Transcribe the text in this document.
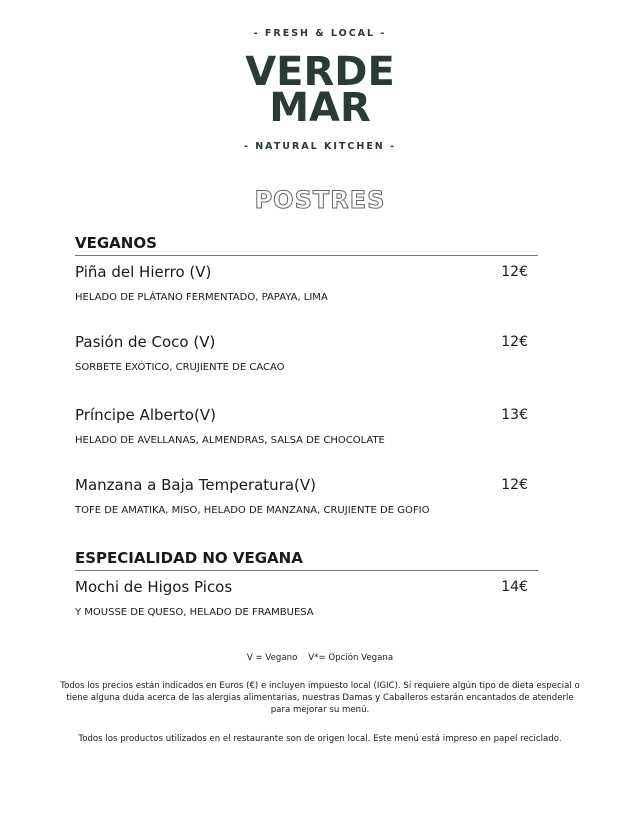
- FRESH & LOCAL -
VERDE
MAR
- NATURAL KITCHEN -
POSTRES
VEGANOS
Piña del Hierro (V)	12€
HELADO DE PLÁTANO FERMENTADO, PAPAYA, LIMA
Pasión de Coco (V)	12€
SORBETE EXÓTICO, CRUJIENTE DE CACAO
Príncipe Alberto(V)	13€
HELADO DE AVELLANAS, ALMENDRAS, SALSA DE CHOCOLATE
Manzana a Baja Temperatura(V)	12€
TOFE DE AMATIKA, MISO, HELADO DE MANZANA, CRUJIENTE DE GOFIO
ESPECIALIDAD NO VEGANA
Mochi de Higos Picos	14€
Y MOUSSE DE QUESO, HELADO DE FRAMBUESA
V = Vegano    V*= Opción Vegana
Todos los precios están indicados en Euros (€) e incluyen impuesto local (IGIC). Si requiere algún tipo de dieta especial o tiene alguna duda acerca de las alergias alimentarias, nuestras Damas y Caballeros estarán encantados de atenderle para mejorar su menú.
Todos los productos utilizados en el restaurante son de origen local. Este menú está impreso en papel reciclado.
